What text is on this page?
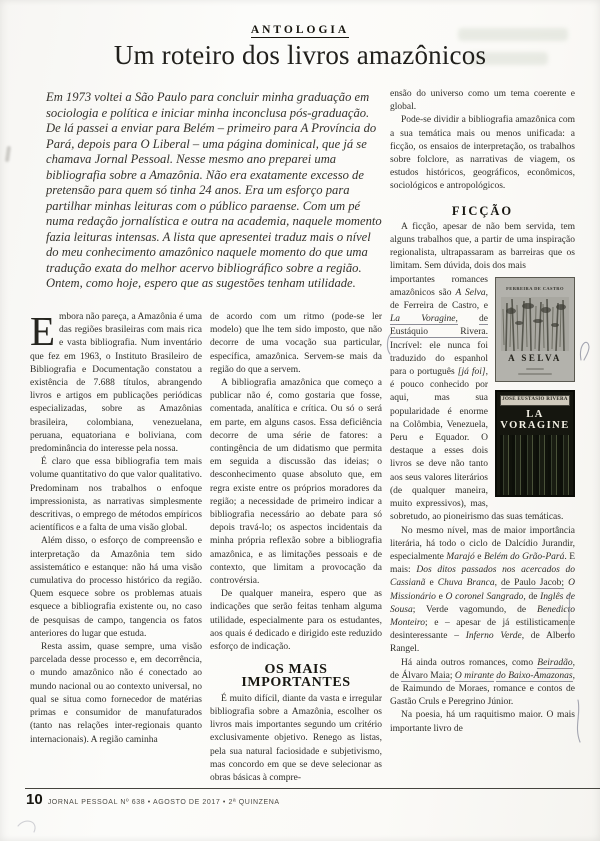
ANTOLOGIA
Um roteiro dos livros amazônicos
Em 1973 voltei a São Paulo para concluir minha graduação em sociologia e política e iniciar minha inconclusa pós-graduação. De lá passei a enviar para Belém – primeiro para A Província do Pará, depois para O Liberal – uma página dominical, que já se chamava Jornal Pessoal. Nesse mesmo ano preparei uma bibliografia sobre a Amazônia. Não era exatamente excesso de pretensão para quem só tinha 24 anos. Era um esforço para partilhar minhas leituras com o público paraense. Com um pé numa redação jornalística e outra na academia, naquele momento fazia leituras intensas. A lista que apresentei traduz mais o nível do meu conhecimento amazônico naquele momento do que uma tradução exata do melhor acervo bibliográfico sobre a região. Ontem, como hoje, espero que as sugestões tenham utilidade.

Embora não pareça, a Amazônia é uma das regiões brasileiras com mais rica e vasta bibliografia. Num inventário que fez em 1963, o Instituto Brasileiro de Bibliografia e Documentação constatou a existência de 7.688 títulos, abrangendo livros e artigos em publicações periódicas especializadas, sobre as Amazônias brasileira, colombiana, venezuelana, peruana, equatoriana e boliviana, com predominância do interesse pela nossa.

É claro que essa bibliografia tem mais volume quantitativo do que valor qualitativo. Predominam nos trabalhos o enfoque impressionista, as narrativas simplesmente descritivas, o emprego de métodos empíricos acientíficos e a falta de uma visão global.

Além disso, o esforço de compreensão e interpretação da Amazônia tem sido assistemático e estanque: não há uma visão cumulativa do processo histórico da região. Quem esquece sobre os problemas atuais esquece a bibliografia existente ou, no caso de pesquisas de campo, tangencia os fatos anteriores do lugar que estuda.

Resta assim, quase sempre, uma visão parcelada desse processo e, em decorrência, o mundo amazônico não é conectado ao mundo nacional ou ao contexto universal, no qual se situa como fornecedor de matérias primas e consumidor de manufaturados (tanto nas relações inter-regionais quanto internacionais). A região caminha

de acordo com um ritmo (pode-se ler modelo) que lhe tem sido imposto, que não decorre de uma vocação sua particular, específica, amazônica. Servem-se mais da região do que a servem.

A bibliografia amazônica que começo a publicar não é, como gostaria que fosse, comentada, analítica e crítica. Ou só o será em parte, em alguns casos. Essa deficiência decorre de uma série de fatores: a contingência de um didatismo que permita em seguida a discussão das ideias; o desconhecimento quase absoluto que, em regra existe entre os próprios moradores da região; a necessidade de primeiro indicar a bibliografia necessário ao debate para só depois travá-lo; os aspectos incidentais da minha própria reflexão sobre a bibliografia amazônica, e as limitações pessoais e de contexto, que limitam a provocação da controvérsia.

De qualquer maneira, espero que as indicações que serão feitas tenham alguma utilidade, especialmente para os estudantes, aos quais é dedicado e dirigido este reduzido esforço de indicação.

OS MAIS IMPORTANTES

É muito difícil, diante da vasta e irregular bibliografia sobre a Amazônia, escolher os livros mais importantes segundo um critério exclusivamente objetivo. Renego as listas, pela sua natural faciosidade e subjetivismo, mas concordo em que se deve selecionar as obras básicas à compre-

ensão do universo como um tema coerente e global.

Pode-se dividir a bibliografia amazônica com a sua temática mais ou menos unificada: a ficção, os ensaios de interpretação, os trabalhos sobre folclore, as narrativas de viagem, os estudos históricos, geográficos, econômicos, sociológicos e antropológicos.

FICÇÃO

A ficção, apesar de não bem servida, tem alguns trabalhos que, a partir de uma inspiração regionalista, ultrapassaram as barreiras que os limitam. Sem dúvida, dois dos mais

FERREIRA DE CASTRO
A SELVA
JOSE EUSTASIO RIVERA
LA
VORAGINE

importantes romances amazônicos são A Selva, de Ferreira de Castro, e La Voragine, de Eustáquio Rivera. Incrível: ele nunca foi traduzido do espanhol para o português [já foi], é pouco conhecido por aqui, mas sua popularidade é enorme na Colômbia, Venezuela, Peru e Equador. O destaque a esses dois livros se deve não tanto aos seus valores literários (de qualquer maneira, muito expressivos), mas, sobretudo, ao pioneirismo das suas temáticas.

No mesmo nível, mas de maior importância literária, há todo o ciclo de Dalcídio Jurandir, especialmente Marajó e Belém do Grão-Pará. E mais: Dos ditos passados nos acercados do Cassianã e Chuva Branca, de Paulo Jacob; O Missionário e O coronel Sangrado, de Inglês de Sousa; Verde vagomundo, de Benedicto Monteiro; e – apesar de já estilisticamente desinteressante – Inferno Verde, de Alberto Rangel.

Há ainda outros romances, como Beiradão, de Álvaro Maia; O mirante do Baixo-Amazonas, de Raimundo de Moraes, romance e contos de Gastão Cruls e Peregrino Júnior.

Na poesia, há um raquitismo maior. O mais importante livro de

10 JORNAL PESSOAL Nº 638 • AGOSTO DE 2017 • 2ª QUINZENA
